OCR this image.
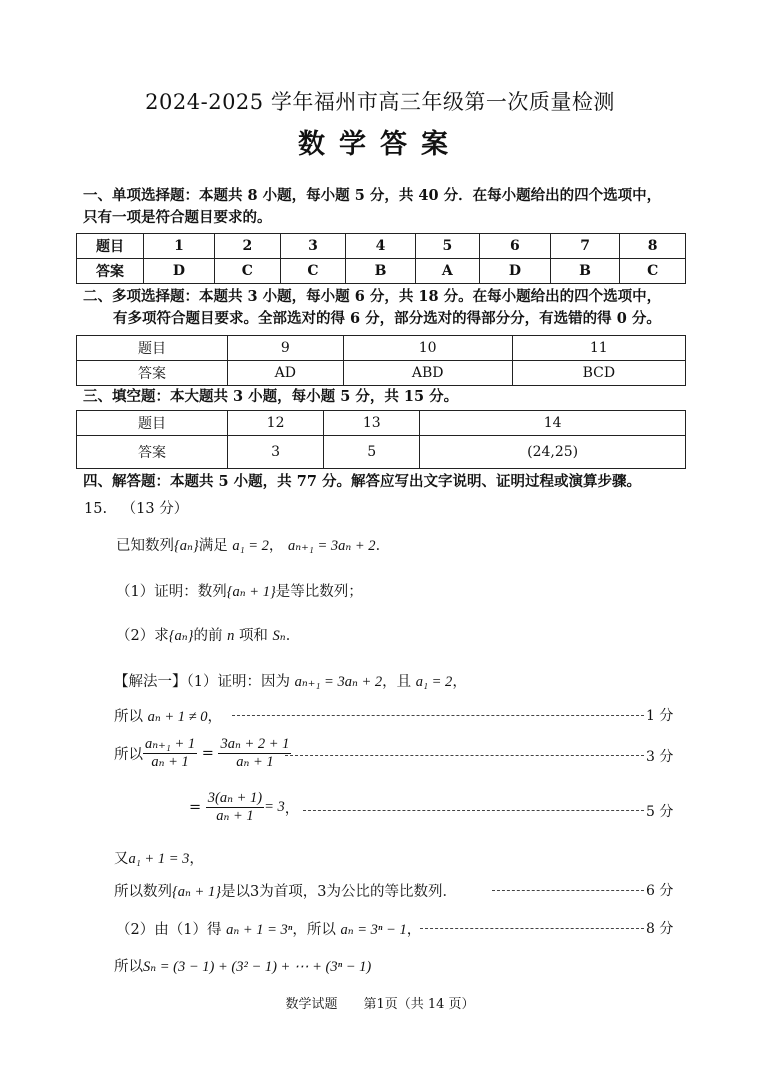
2024-2025 学年福州市高三年级第一次质量检测
数学答案
一、单项选择题：本题共 8 小题，每小题 5 分，共 40 分．在每小题给出的四个选项中，
只有一项是符合题目要求的。
题目	1	2	3	4	5	6	7	8
答案	D	C	C	B	A	D	B	C
二、多项选择题：本题共 3 小题，每小题 6 分，共 18 分。在每小题给出的四个选项中，
有多项符合题目要求。全部选对的得 6 分，部分选对的得部分分，有选错的得 0 分。
题目	9	10	11
答案	AD	ABD	BCD
三、填空题：本大题共 3 小题，每小题 5 分，共 15 分。
题目	12	13	14
答案	3	5	(24,25)
四、解答题：本题共 5 小题，共 77 分。解答应写出文字说明、证明过程或演算步骤。
15. （13 分）
已知数列{aₙ}满足 a₁ = 2， aₙ₊₁ = 3aₙ + 2．
（1）证明：数列{aₙ + 1}是等比数列；
（2）求{aₙ}的前 n 项和 Sₙ．
【解法一】（1）证明：因为 aₙ₊₁ = 3aₙ + 2，且 a₁ = 2，
所以 aₙ + 1 ≠ 0，	1 分
所以 $\frac{\text{aₙ₊₁ + 1}}{\text{aₙ + 1}} = \frac{\text{3aₙ + 2 + 1}}{\text{aₙ + 1}}$	3 分
= $\frac{\text{3(aₙ + 1)}}{\text{aₙ + 1}} = 3$，	5 分
又a₁ + 1 = 3，
所以数列{aₙ + 1}是以3为首项，3为公比的等比数列．	6 分
（2）由（1）得 aₙ + 1 = 3ⁿ，所以 aₙ = 3ⁿ − 1，	8 分
所以Sₙ = (3 − 1) + (3² − 1) + ⋯ + (3ⁿ − 1)
数学试题　　第1页（共 14 页）
